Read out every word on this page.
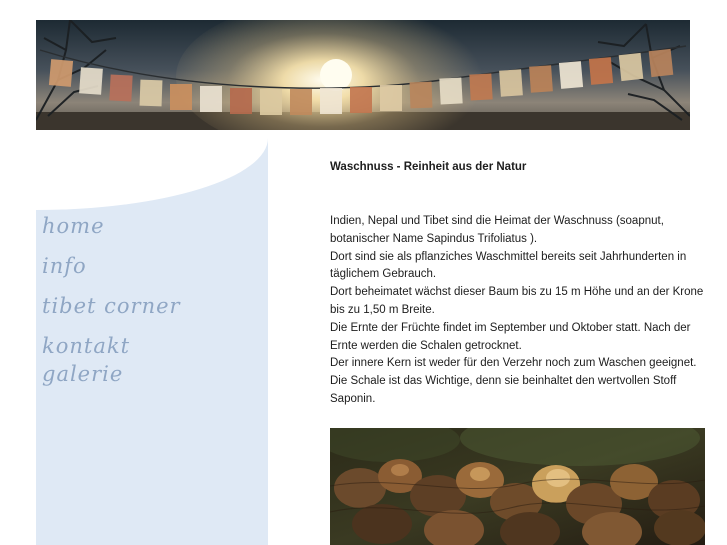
home
info
tibet corner
kontakt
galerie
Waschnuss - Reinheit aus der Natur

Indien, Nepal und Tibet sind die Heimat der Waschnuss (soapnut, botanischer Name Sapindus Trifoliatus ).

Dort sind sie als pflanziches Waschmittel bereits seit Jahrhunderten in täglichem Gebrauch.

Dort beheimatet wächst dieser Baum bis zu 15 m Höhe und an der Krone bis zu 1,50 m Breite.

Die Ernte der Früchte findet im September und Oktober statt. Nach der Ernte werden die Schalen getrocknet.

Der innere Kern ist weder für den Verzehr noch zum Waschen geeignet.

Die Schale ist das Wichtige, denn sie beinhaltet den wertvollen Stoff Saponin.
